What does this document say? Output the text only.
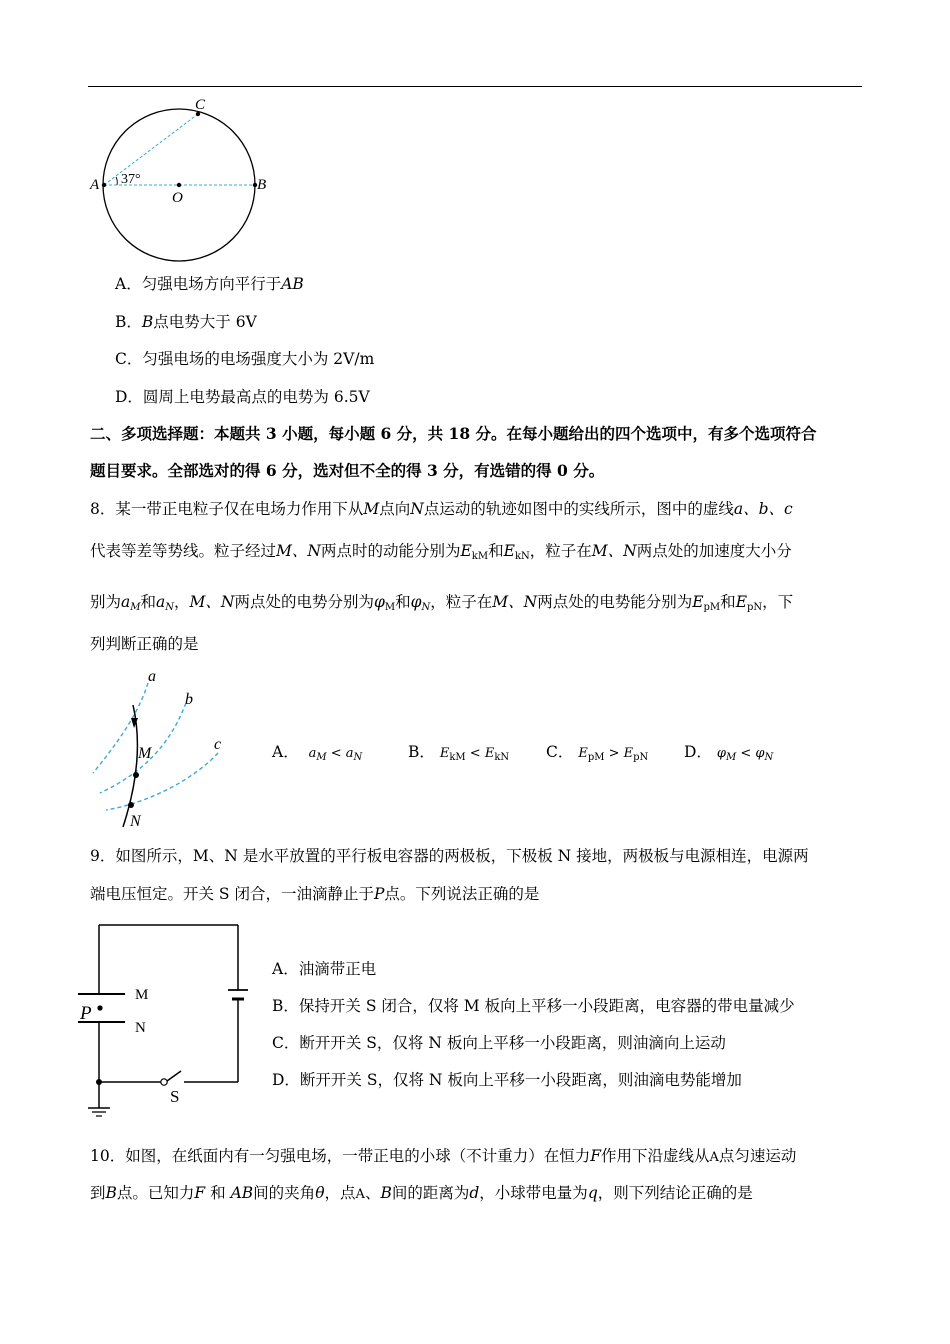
A	B
C
O
37°
A．匀强电场方向平行于AB
B．B点电势大于 6V
C．匀强电场的电场强度大小为 2V/m
D．圆周上电势最高点的电势为 6.5V
二、多项选择题：本题共 3 小题，每小题 6 分，共 18 分。在每小题给出的四个选项中，有多个选项符合
题目要求。全部选对的得 6 分，选对但不全的得 3 分，有选错的得 0 分。
8．某一带正电粒子仅在电场力作用下从M点向N点运动的轨迹如图中的实线所示，图中的虚线a、b、c
代表等差等势线。粒子经过M、N两点时的动能分别为$E_{kM}$和$E_{kN}$，粒子在M、N两点处的加速度大小分
别为$a_M$和$a_N$，M、N两点处的电势分别为$\varphi_M$和$\varphi_N$，粒子在M、N两点处的电势能分别为$E_{pM}$和$E_{pN}$，下
列判断正确的是
a
b
c
M
N
A． $a_M < a_N$	B． $E_{kM} < E_{kN}$ C． $E_{pM} > E_{pN}$ D． $\varphi_M < \varphi_N$
9．如图所示，M、N 是水平放置的平行板电容器的两极板，下极板 N 接地，两极板与电源相连，电源两
端电压恒定。开关 S 闭合，一油滴静止于P点。下列说法正确的是
P
M
N
S
A．油滴带正电
B．保持开关 S 闭合，仅将 M 板向上平移一小段距离，电容器的带电量减少
C．断开开关 S，仅将 N 板向上平移一小段距离，则油滴向上运动
D．断开开关 S，仅将 N 板向上平移一小段距离，则油滴电势能增加
10．如图，在纸面内有一匀强电场，一带正电的小球（不计重力）在恒力F作用下沿虚线从A点匀速运动
到B点。已知力F 和 AB间的夹角θ，点A、B间的距离为d，小球带电量为q，则下列结论正确的是
